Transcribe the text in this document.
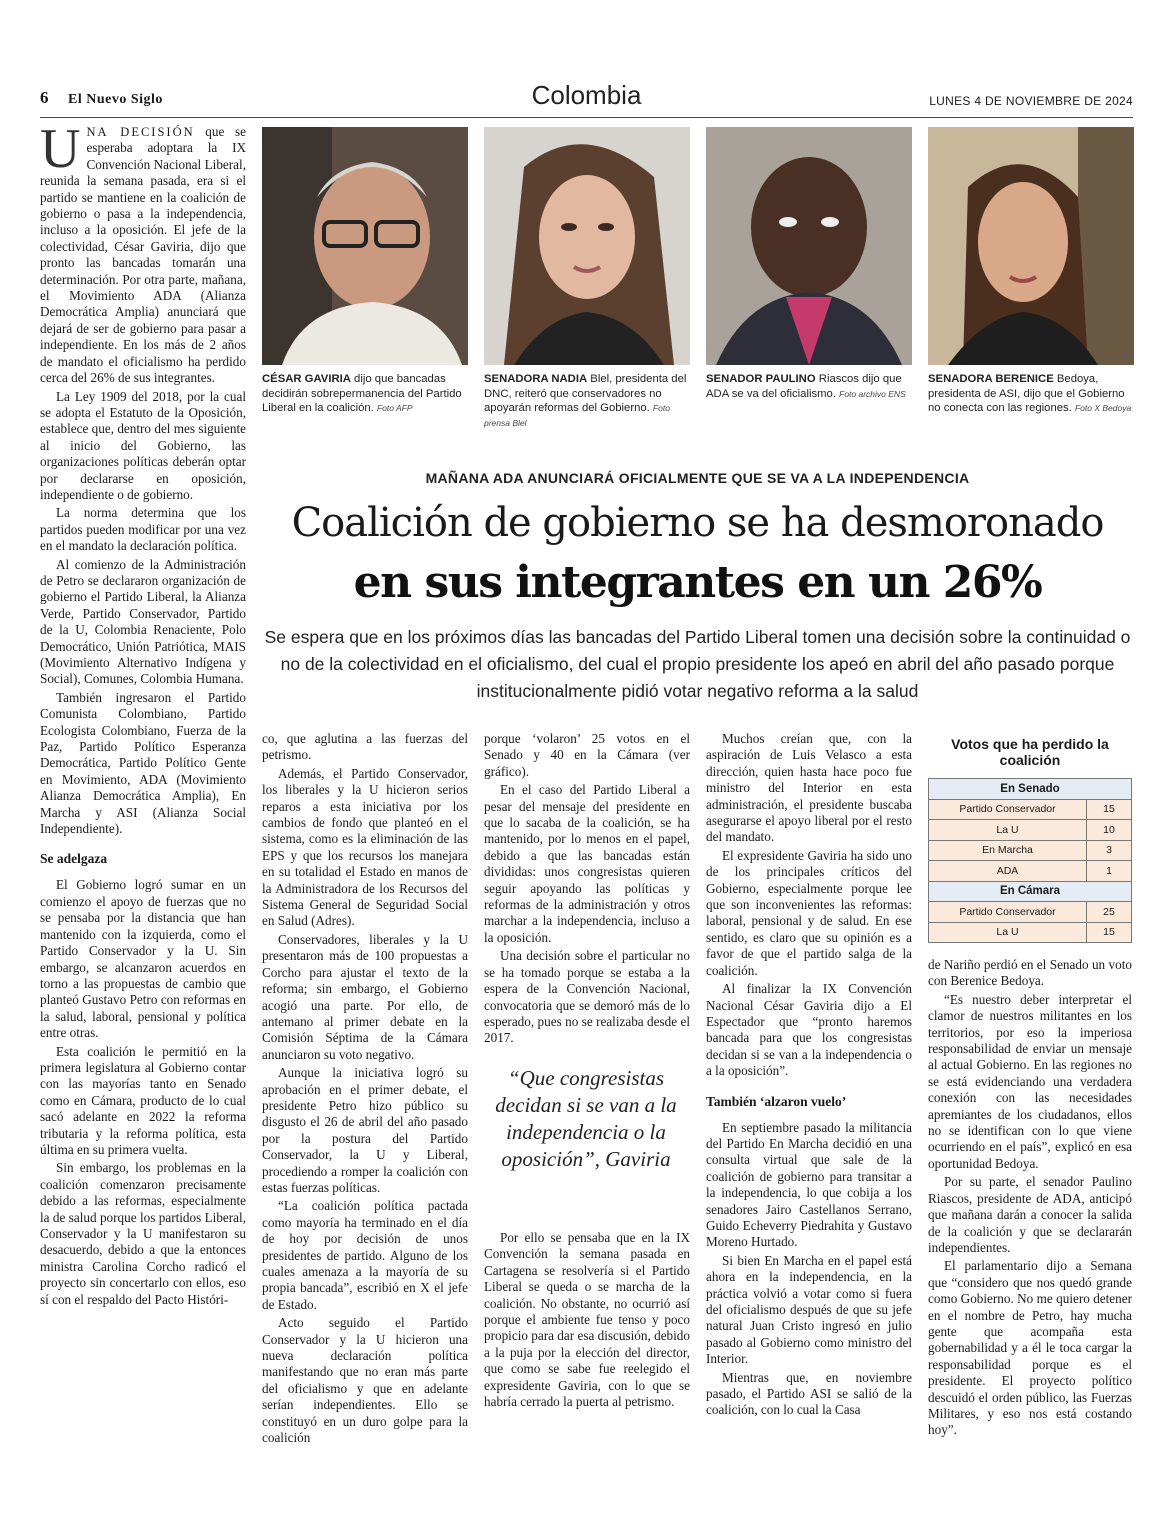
6 El Nuevo Siglo	Colombia	LUNES 4 DE NOVIEMBRE DE 2024

UNA DECISIÓN que se esperaba adoptara la IX Convención Nacional Liberal, reunida la semana pasada, era si el partido se mantiene en la coalición de gobierno o pasa a la independencia, incluso a la oposición. El jefe de la colectividad, César Gaviria, dijo que pronto las bancadas tomarán una determinación. Por otra parte, mañana, el Movimiento ADA (Alianza Democrática Amplia) anunciará que dejará de ser de gobierno para pasar a independiente. En los más de 2 años de mandato el oficialismo ha perdido cerca del 26% de sus integrantes.

La Ley 1909 del 2018, por la cual se adopta el Estatuto de la Oposición, establece que, dentro del mes siguiente al inicio del Gobierno, las organizaciones políticas deberán optar por declararse en oposición, independiente o de gobierno.

La norma determina que los partidos pueden modificar por una vez en el mandato la declaración política.

Al comienzo de la Administración de Petro se declararon organización de gobierno el Partido Liberal, la Alianza Verde, Partido Conservador, Partido de la U, Colombia Renaciente, Polo Democrático, Unión Patriótica, MAIS (Movimiento Alternativo Indígena y Social), Comunes, Colombia Humana.

También ingresaron el Partido Comunista Colombiano, Partido Ecologista Colombiano, Fuerza de la Paz, Partido Político Esperanza Democrática, Partido Político Gente en Movimiento, ADA (Movimiento Alianza Democrática Amplia), En Marcha y ASI (Alianza Social Independiente).

Se adelgaza

El Gobierno logró sumar en un comienzo el apoyo de fuerzas que no se pensaba por la distancia que han mantenido con la izquierda, como el Partido Conservador y la U. Sin embargo, se alcanzaron acuerdos en torno a las propuestas de cambio que planteó Gustavo Petro con reformas en la salud, laboral, pensional y política entre otras.

Esta coalición le permitió en la primera legislatura al Gobierno contar con las mayorías tanto en Senado como en Cámara, producto de lo cual sacó adelante en 2022 la reforma tributaria y la reforma política, esta última en su primera vuelta.

Sin embargo, los problemas en la coalición comenzaron precisamente debido a las reformas, especialmente la de salud porque los partidos Liberal, Conservador y la U manifestaron su desacuerdo, debido a que la entonces ministra Carolina Corcho radicó el proyecto sin concertarlo con ellos, eso sí con el respaldo del Pacto Históri-

CÉSAR GAVIRIA dijo que bancadas decidirán sobrepermanencia del Partido Liberal en la coalición. Foto AFP
SENADORA NADIA Blel, presidenta del DNC, reiteró que conservadores no apoyarán reformas del Gobierno. Foto prensa Blel
SENADOR PAULINO Riascos dijo que ADA se va del oficialismo. Foto archivo ENS
SENADORA BERENICE Bedoya, presidenta de ASI, dijo que el Gobierno no conecta con las regiones. Foto X Bedoya
MAÑANA ADA ANUNCIARÁ OFICIALMENTE QUE SE VA A LA INDEPENDENCIA
Coalición de gobierno se ha desmoronado
en sus integrantes en un 26%
Se espera que en los próximos días las bancadas del Partido Liberal tomen una decisión sobre la continuidad o no de la colectividad en el oficialismo, del cual el propio presidente los apeó en abril del año pasado porque institucionalmente pidió votar negativo reforma a la salud

co, que aglutina a las fuerzas del petrismo.

Además, el Partido Conservador, los liberales y la U hicieron serios reparos a esta iniciativa por los cambios de fondo que planteó en el sistema, como es la eliminación de las EPS y que los recursos los manejara en su totalidad el Estado en manos de la Administradora de los Recursos del Sistema General de Seguridad Social en Salud (Adres).

Conservadores, liberales y la U presentaron más de 100 propuestas a Corcho para ajustar el texto de la reforma; sin embargo, el Gobierno acogió una parte. Por ello, de antemano al primer debate en la Comisión Séptima de la Cámara anunciaron su voto negativo.

Aunque la iniciativa logró su aprobación en el primer debate, el presidente Petro hizo público su disgusto el 26 de abril del año pasado por la postura del Partido Conservador, la U y Liberal, procediendo a romper la coalición con estas fuerzas políticas.

“La coalición política pactada como mayoría ha terminado en el día de hoy por decisión de unos presidentes de partido. Alguno de los cuales amenaza a la mayoría de su propia bancada”, escribió en X el jefe de Estado.

Acto seguido el Partido Conservador y la U hicieron una nueva declaración política manifestando que no eran más parte del oficialismo y que en adelante serían independientes. Ello se constituyó en un duro golpe para la coalición

porque ‘volaron’ 25 votos en el Senado y 40 en la Cámara (ver gráfico).

En el caso del Partido Liberal a pesar del mensaje del presidente en que lo sacaba de la coalición, se ha mantenido, por lo menos en el papel, debido a que las bancadas están divididas: unos congresistas quieren seguir apoyando las políticas y reformas de la administración y otros marchar a la independencia, incluso a la oposición.

Una decisión sobre el particular no se ha tomado porque se estaba a la espera de la Convención Nacional, convocatoria que se demoró más de lo esperado, pues no se realizaba desde el 2017.

“Que congresistas decidan si se van a la independencia o la oposición”, Gaviria

Por ello se pensaba que en la IX Convención la semana pasada en Cartagena se resolvería si el Partido Liberal se queda o se marcha de la coalición. No obstante, no ocurrió así porque el ambiente fue tenso y poco propicio para dar esa discusión, debido a la puja por la elección del director, que como se sabe fue reelegido el expresidente Gaviria, con lo que se habría cerrado la puerta al petrismo.

Muchos creían que, con la aspiración de Luis Velasco a esta dirección, quien hasta hace poco fue ministro del Interior en esta administración, el presidente buscaba asegurarse el apoyo liberal por el resto del mandato.

El expresidente Gaviria ha sido uno de los principales críticos del Gobierno, especialmente porque lee que son inconvenientes las reformas: laboral, pensional y de salud. En ese sentido, es claro que su opinión es a favor de que el partido salga de la coalición.

Al finalizar la IX Convención Nacional César Gaviria dijo a El Espectador que “pronto haremos bancada para que los congresistas decidan si se van a la independencia o a la oposición”.

También ‘alzaron vuelo’

En septiembre pasado la militancia del Partido En Marcha decidió en una consulta virtual que sale de la coalición de gobierno para transitar a la independencia, lo que cobija a los senadores Jairo Castellanos Serrano, Guido Echeverry Piedrahita y Gustavo Moreno Hurtado.

Si bien En Marcha en el papel está ahora en la independencia, en la práctica volvió a votar como si fuera del oficialismo después de que su jefe natural Juan Cristo ingresó en julio pasado al Gobierno como ministro del Interior.

Mientras que, en noviembre pasado, el Partido ASI se salió de la coalición, con lo cual la Casa

Votos que ha perdido la coalición
En Senado	
Partido Conservador	15
La U	10
En Marcha	3
ADA	1
En Cámara	
Partido Conservador	25
La U	15

de Nariño perdió en el Senado un voto con Berenice Bedoya.

“Es nuestro deber interpretar el clamor de nuestros militantes en los territorios, por eso la imperiosa responsabilidad de enviar un mensaje al actual Gobierno. En las regiones no se está evidenciando una verdadera conexión con las necesidades apremiantes de los ciudadanos, ellos no se identifican con lo que viene ocurriendo en el país”, explicó en esa oportunidad Bedoya.

Por su parte, el senador Paulino Riascos, presidente de ADA, anticipó que mañana darán a conocer la salida de la coalición y que se declararán independientes.

El parlamentario dijo a Semana que “considero que nos quedó grande como Gobierno. No me quiero detener en el nombre de Petro, hay mucha gente que acompaña esta gobernabilidad y a él le toca cargar la responsabilidad porque es el presidente. El proyecto político descuidó el orden público, las Fuerzas Militares, y eso nos está costando hoy”.
